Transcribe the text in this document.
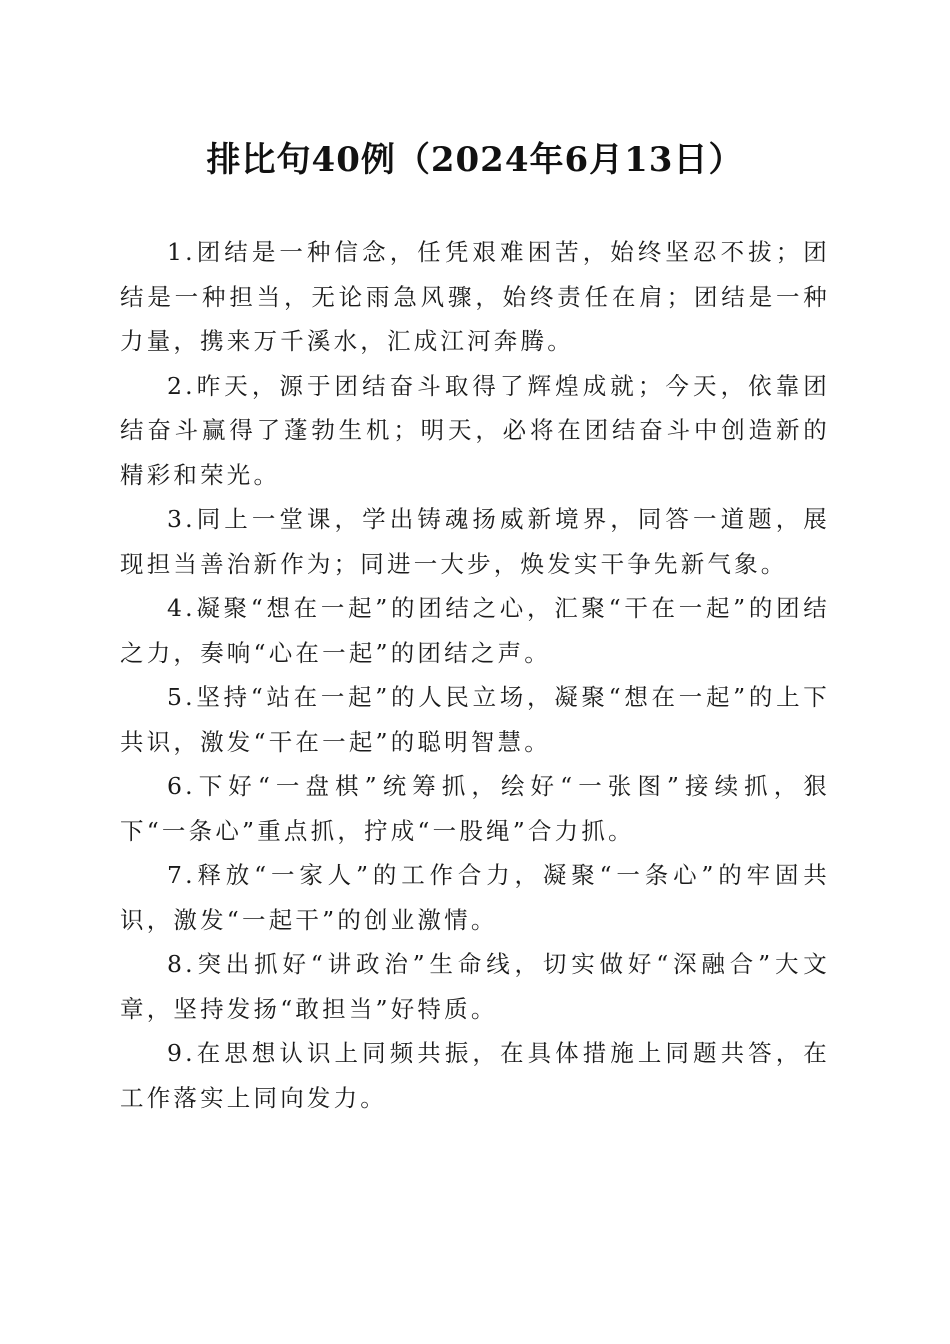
排比句40例（2024年6月13日）

1.团结是一种信念，任凭艰难困苦，始终坚忍不拔；团结是一种担当，无论雨急风骤，始终责任在肩；团结是一种力量，携来万千溪水，汇成江河奔腾。

2.昨天，源于团结奋斗取得了辉煌成就；今天，依靠团结奋斗赢得了蓬勃生机；明天，必将在团结奋斗中创造新的精彩和荣光。

3.同上一堂课，学出铸魂扬威新境界，同答一道题，展现担当善治新作为；同进一大步，焕发实干争先新气象。

4.凝聚“想在一起”的团结之心，汇聚“干在一起”的团结之力，奏响“心在一起”的团结之声。

5.坚持“站在一起”的人民立场，凝聚“想在一起”的上下共识，激发“干在一起”的聪明智慧。

6.下好“一盘棋”统筹抓，绘好“一张图”接续抓，狠下“一条心”重点抓，拧成“一股绳”合力抓。

7.释放“一家人”的工作合力，凝聚“一条心”的牢固共识，激发“一起干”的创业激情。

8.突出抓好“讲政治”生命线，切实做好“深融合”大文章，坚持发扬“敢担当”好特质。

9.在思想认识上同频共振，在具体措施上同题共答，在工作落实上同向发力。
